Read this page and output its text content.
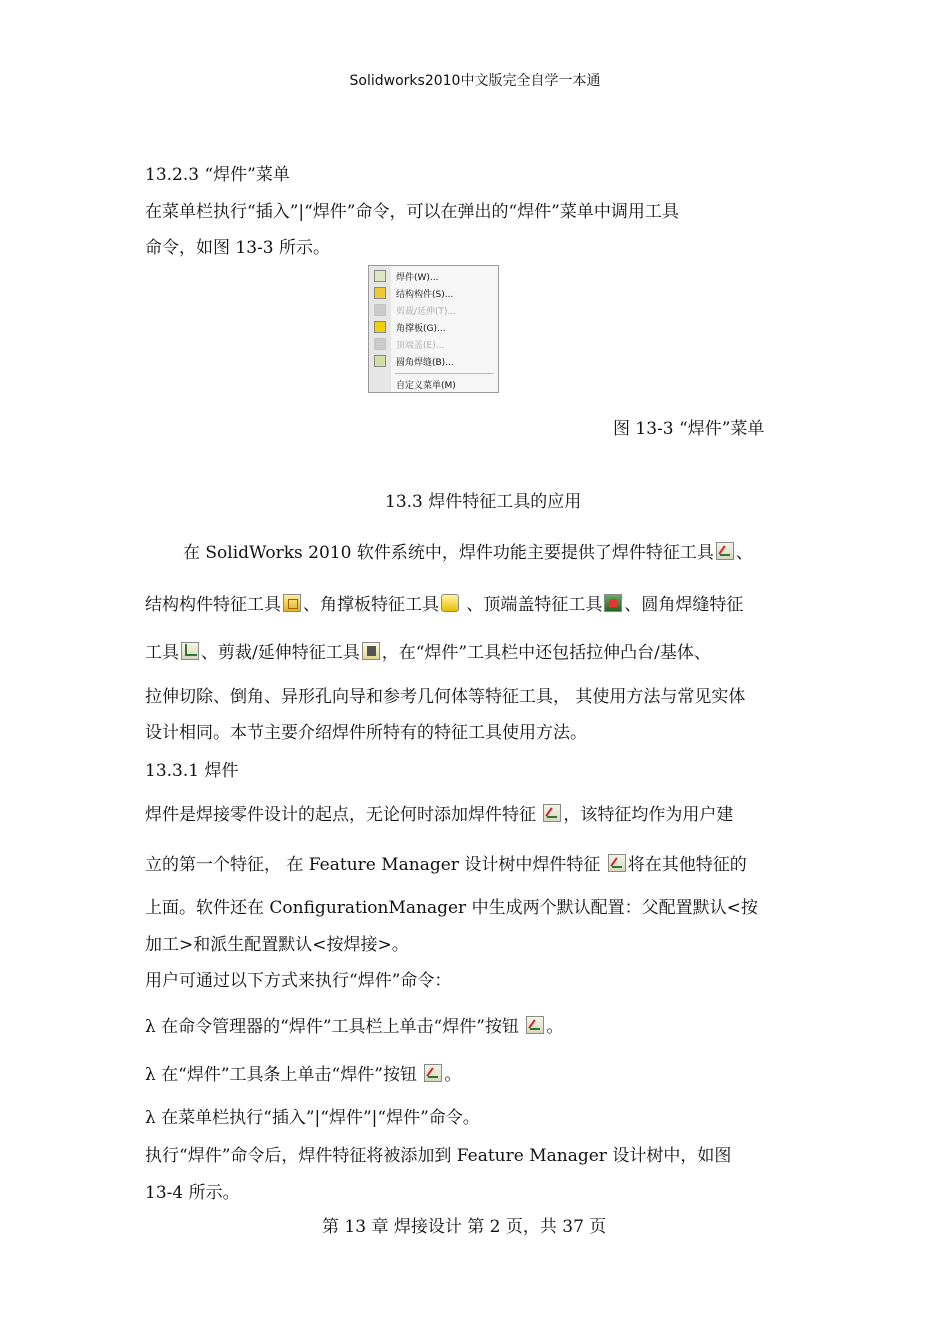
Solidworks2010中文版完全自学一本通
13.2.3 “焊件”菜单
在菜单栏执行“插入”|“焊件”命令，可以在弹出的“焊件”菜单中调用工具
命令，如图 13-3 所示。
焊件(W)...
结构构件(S)...
剪裁/延伸(T)...
角撑板(G)...
顶端盖(E)...
圆角焊缝(B)...
自定义菜单(M)
图 13-3 “焊件”菜单
13.3 焊件特征工具的应用
在 SolidWorks 2010 软件系统中，焊件功能主要提供了焊件特征工具 、
结构构件特征工具 、角撑板特征工具 、顶端盖特征工具 、圆角焊缝特征
工具 、剪裁/延伸特征工具 ，在“焊件”工具栏中还包括拉伸凸台/基体、
拉伸切除、倒角、异形孔向导和参考几何体等特征工具， 其使用方法与常见实体
设计相同。本节主要介绍焊件所特有的特征工具使用方法。
13.3.1 焊件
焊件是焊接零件设计的起点，无论何时添加焊件特征 ，该特征均作为用户建
立的第一个特征， 在 Feature Manager 设计树中焊件特征 将在其他特征的
上面。软件还在 ConfigurationManager 中生成两个默认配置：父配置默认<按
加工>和派生配置默认<按焊接>。
用户可通过以下方式来执行“焊件”命令：
λ 在命令管理器的“焊件”工具栏上单击“焊件”按钮 。
λ 在“焊件”工具条上单击“焊件”按钮 。
λ 在菜单栏执行“插入”|“焊件”|“焊件”命令。
执行“焊件”命令后，焊件特征将被添加到 Feature Manager 设计树中，如图
13-4 所示。
第 13 章 焊接设计 第 2 页，共 37 页
